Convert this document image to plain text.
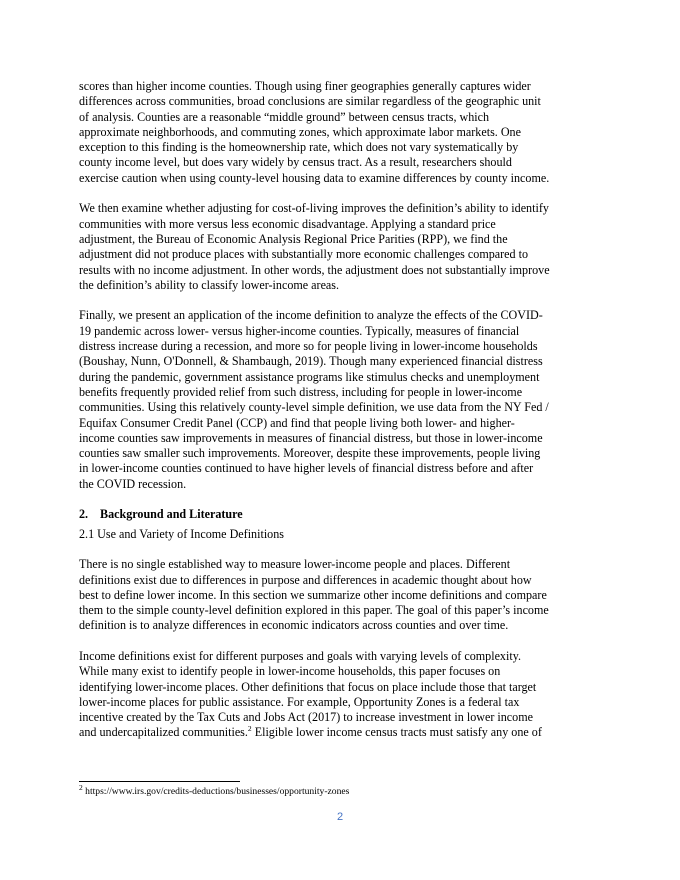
scores than higher income counties. Though using finer geographies generally captures wider
differences across communities, broad conclusions are similar regardless of the geographic unit
of analysis. Counties are a reasonable “middle ground” between census tracts, which
approximate neighborhoods, and commuting zones, which approximate labor markets. One
exception to this finding is the homeownership rate, which does not vary systematically by
county income level, but does vary widely by census tract. As a result, researchers should
exercise caution when using county-level housing data to examine differences by county income.

We then examine whether adjusting for cost-of-living improves the definition’s ability to identify
communities with more versus less economic disadvantage. Applying a standard price
adjustment, the Bureau of Economic Analysis Regional Price Parities (RPP), we find the
adjustment did not produce places with substantially more economic challenges compared to
results with no income adjustment. In other words, the adjustment does not substantially improve
the definition’s ability to classify lower-income areas.

Finally, we present an application of the income definition to analyze the effects of the COVID-
19 pandemic across lower- versus higher-income counties. Typically, measures of financial
distress increase during a recession, and more so for people living in lower-income households
(Boushay, Nunn, O'Donnell, & Shambaugh, 2019). Though many experienced financial distress
during the pandemic, government assistance programs like stimulus checks and unemployment
benefits frequently provided relief from such distress, including for people in lower-income
communities. Using this relatively county-level simple definition, we use data from the NY Fed /
Equifax Consumer Credit Panel (CCP) and find that people living both lower- and higher-
income counties saw improvements in measures of financial distress, but those in lower-income
counties saw smaller such improvements. Moreover, despite these improvements, people living
in lower-income counties continued to have higher levels of financial distress before and after
the COVID recession.

2. Background and Literature
2.1 Use and Variety of Income Definitions

There is no single established way to measure lower-income people and places. Different
definitions exist due to differences in purpose and differences in academic thought about how
best to define lower income. In this section we summarize other income definitions and compare
them to the simple county-level definition explored in this paper. The goal of this paper’s income
definition is to analyze differences in economic indicators across counties and over time.

Income definitions exist for different purposes and goals with varying levels of complexity.
While many exist to identify people in lower-income households, this paper focuses on
identifying lower-income places. Other definitions that focus on place include those that target
lower-income places for public assistance. For example, Opportunity Zones is a federal tax
incentive created by the Tax Cuts and Jobs Act (2017) to increase investment in lower income
and undercapitalized communities.$^2$ Eligible lower income census tracts must satisfy any one of

$^2$ https://www.irs.gov/credits-deductions/businesses/opportunity-zones
2
